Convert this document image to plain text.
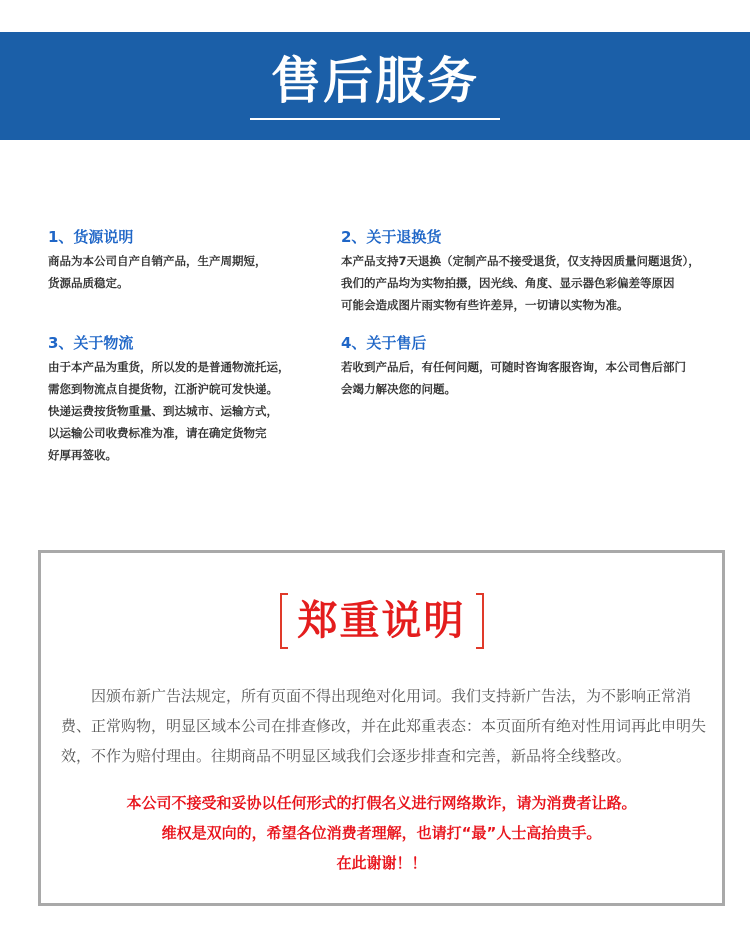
售后服务
1、货源说明
商品为本公司自产自销产品，生产周期短，
货源品质稳定。
2、关于退换货
本产品支持7天退换（定制产品不接受退货，仅支持因质量问题退货），
我们的产品均为实物拍摄，因光线、角度、显示器色彩偏差等原因
可能会造成图片雨实物有些许差异，一切请以实物为准。
3、关于物流
由于本产品为重货，所以发的是普通物流托运，
需您到物流点自提货物，江浙沪皖可发快递。
快递运费按货物重量、到达城市、运输方式，
以运输公司收费标准为准，请在确定货物完
好厚再签收。
4、关于售后
若收到产品后，有任何问题，可随时咨询客服咨询，本公司售后部门
会竭力解决您的问题。
郑重说明
因颁布新广告法规定，所有页面不得出现绝对化用词。我们支持新广告法，为不影响正常消费、正常购物，明显区域本公司在排查修改，并在此郑重表态：本页面所有绝对性用词再此申明失效，不作为赔付理由。往期商品不明显区域我们会逐步排查和完善，新品将全线整改。
本公司不接受和妥协以任何形式的打假名义进行网络欺诈，请为消费者让路。
维权是双向的，希望各位消费者理解，也请打“最”人士高抬贵手。
在此谢谢！！
